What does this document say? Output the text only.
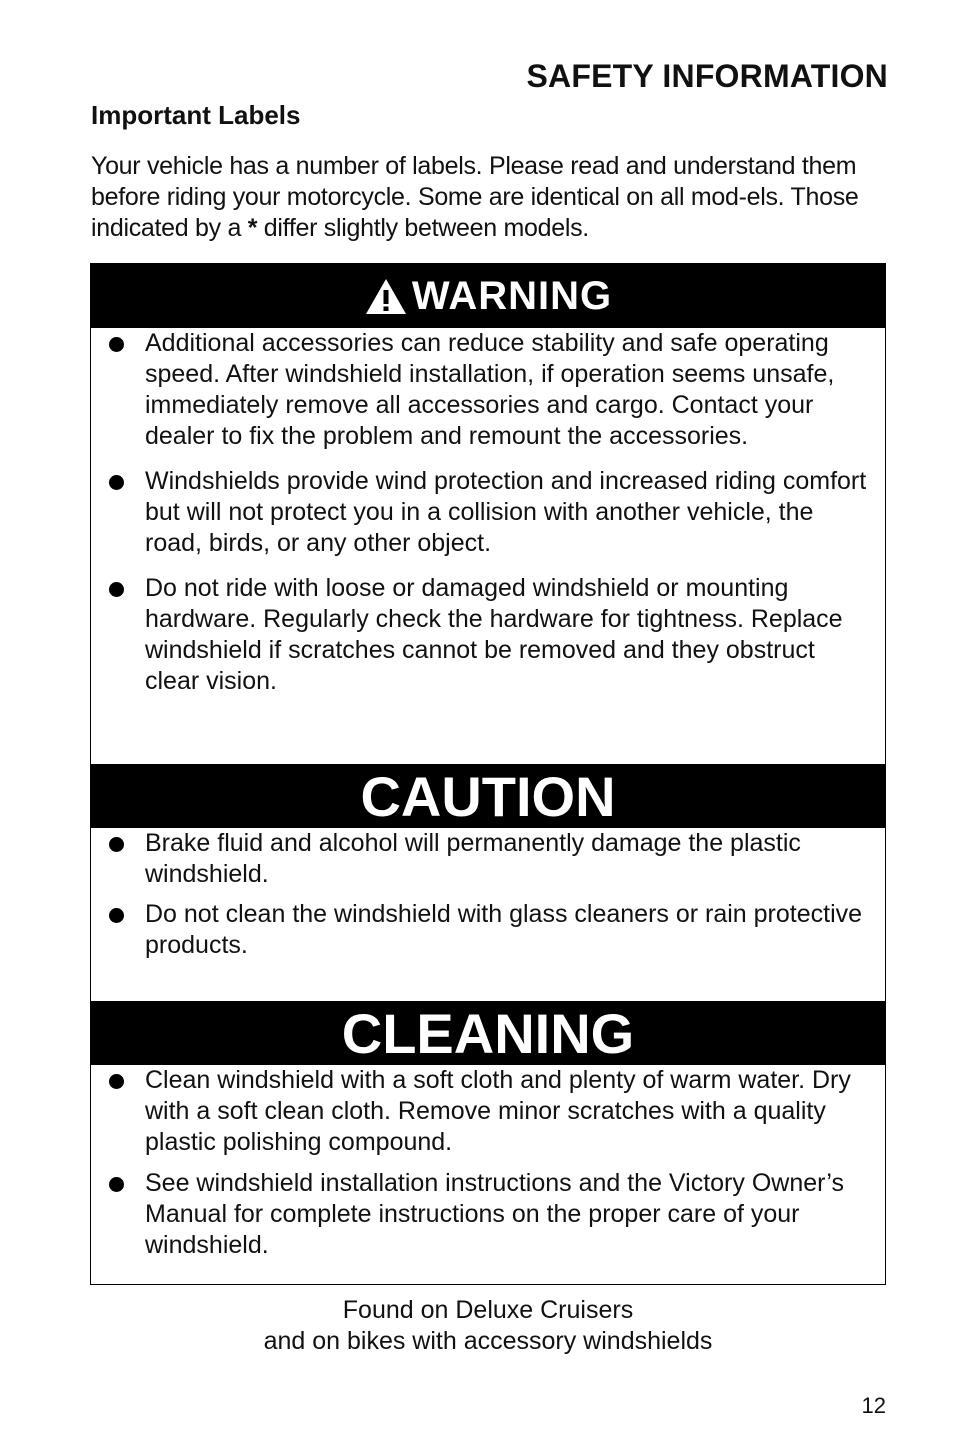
SAFETY INFORMATION
Important Labels

Your vehicle has a number of labels. Please read and understand them before riding your motorcycle. Some are identical on all mod-els. Those indicated by a * differ slightly between models.

WARNING
Additional accessories can reduce stability and safe operating speed. After windshield installation, if operation seems unsafe, immediately remove all accessories and cargo. Contact your dealer to fix the problem and remount the accessories.
Windshields provide wind protection and increased riding comfort but will not protect you in a collision with another vehicle, the road, birds, or any other object.
Do not ride with loose or damaged windshield or mounting hardware. Regularly check the hardware for tightness. Replace windshield if scratches cannot be removed and they obstruct clear vision.
CAUTION
Brake fluid and alcohol will permanently damage the plastic windshield.
Do not clean the windshield with glass cleaners or rain protective products.
CLEANING
Clean windshield with a soft cloth and plenty of warm water. Dry with a soft clean cloth. Remove minor scratches with a quality plastic polishing compound.
See windshield installation instructions and the Victory Owner’s Manual for complete instructions on the proper care of your windshield.

Found on Deluxe Cruisers
and on bikes with accessory windshields

12
